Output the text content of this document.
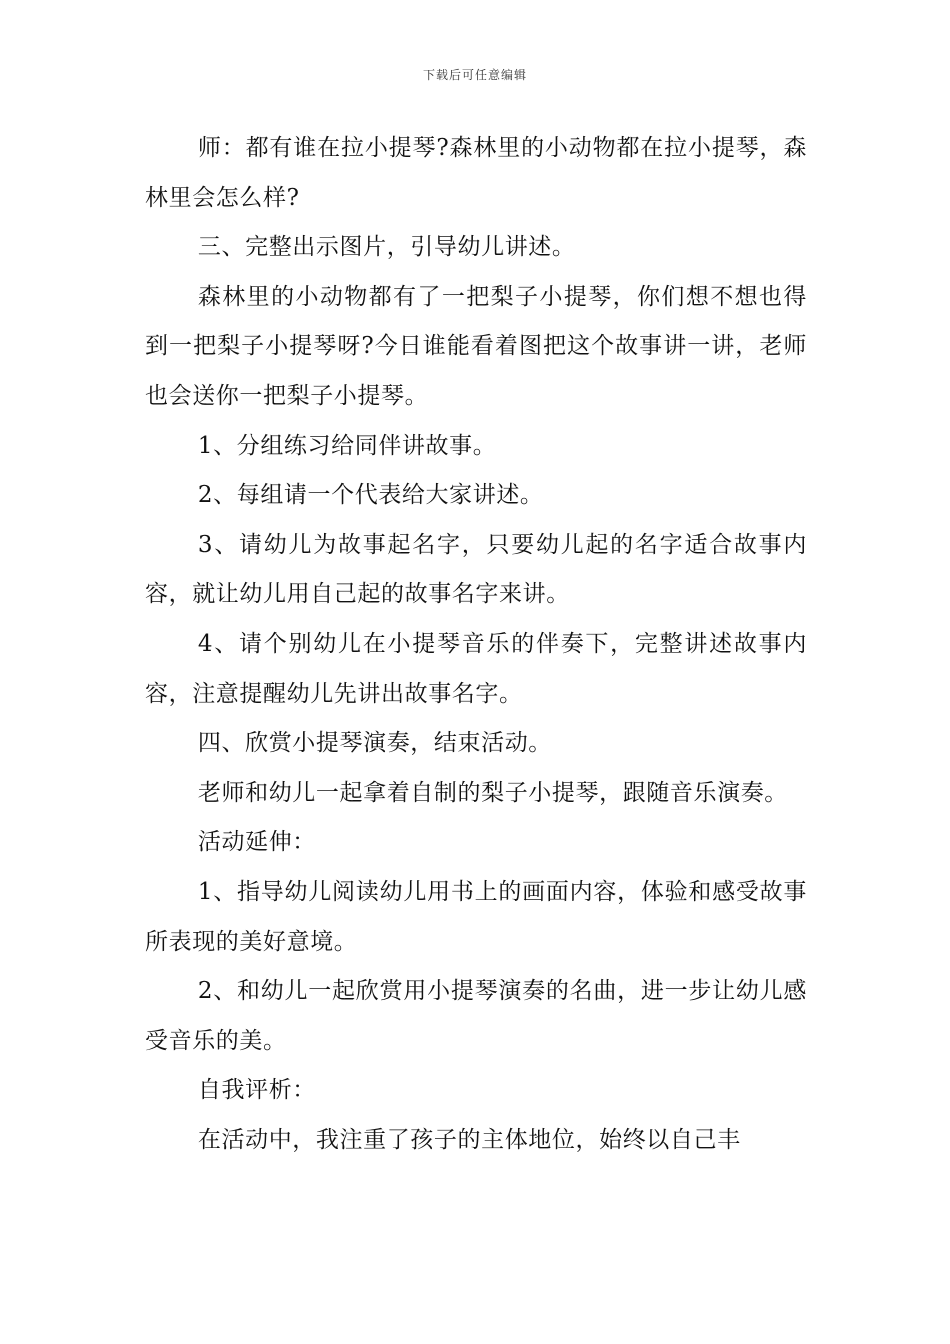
下载后可任意编辑

师：都有谁在拉小提琴?森林里的小动物都在拉小提琴，森林里会怎么样?

三、完整出示图片，引导幼儿讲述。

森林里的小动物都有了一把梨子小提琴，你们想不想也得到一把梨子小提琴呀?今日谁能看着图把这个故事讲一讲，老师也会送你一把梨子小提琴。

1、分组练习给同伴讲故事。

2、每组请一个代表给大家讲述。

3、请幼儿为故事起名字，只要幼儿起的名字适合故事内容，就让幼儿用自己起的故事名字来讲。

4、请个别幼儿在小提琴音乐的伴奏下，完整讲述故事内容，注意提醒幼儿先讲出故事名字。

四、欣赏小提琴演奏，结束活动。

老师和幼儿一起拿着自制的梨子小提琴，跟随音乐演奏。

活动延伸：

1、指导幼儿阅读幼儿用书上的画面内容，体验和感受故事所表现的美好意境。

2、和幼儿一起欣赏用小提琴演奏的名曲，进一步让幼儿感受音乐的美。

自我评析：

在活动中，我注重了孩子的主体地位，始终以自己丰
